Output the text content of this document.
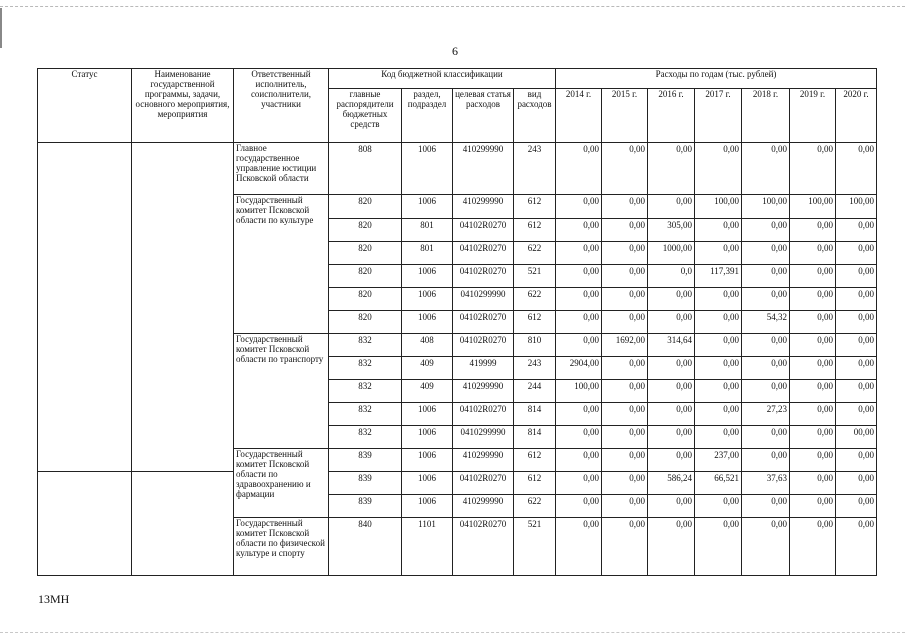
6
Статус	Наименование государственной программы, задачи, основного мероприятия, мероприятия	Ответственный исполнитель, соисполнители, участники	Код бюджетной классификации				Расходы по годам (тыс. рублей)						
			главные распорядители бюджетных средств	раздел, подраздел	целевая статья расходов	вид расходов	2014 г.	2015 г.	2016 г.	2017 г.	2018 г.	2019 г.	2020 г.
		Главное государственное управление юстиции Псковской области	808	1006	410299990	243	0,00	0,00	0,00	0,00	0,00	0,00	0,00
		Государственный комитет Псковской области по культуре	820	1006	410299990	612	0,00	0,00	0,00	100,00	100,00	100,00	100,00
			820	801	04102R0270	612	0,00	0,00	305,00	0,00	0,00	0,00	0,00
			820	801	04102R0270	622	0,00	0,00	1000,00	0,00	0,00	0,00	0,00
			820	1006	04102R0270	521	0,00	0,00	0,0	117,391	0,00	0,00	0,00
			820	1006	0410299990	622	0,00	0,00	0,00	0,00	0,00	0,00	0,00
			820	1006	04102R0270	612	0,00	0,00	0,00	0,00	54,32	0,00	0,00
		Государственный комитет Псковской области по транспорту	832	408	04102R0270	810	0,00	1692,00	314,64	0,00	0,00	0,00	0,00
			832	409	419999	243	2904,00	0,00	0,00	0,00	0,00	0,00	0,00
			832	409	410299990	244	100,00	0,00	0,00	0,00	0,00	0,00	0,00
			832	1006	04102R0270	814	0,00	0,00	0,00	0,00	27,23	0,00	0,00
			832	1006	0410299990	814	0,00	0,00	0,00	0,00	0,00	0,00	00,00
		Государственный комитет Псковской области по здравоохранению и фармации	839	1006	410299990	612	0,00	0,00	0,00	237,00	0,00	0,00	0,00
			839	1006	04102R0270	612	0,00	0,00	586,24	66,521	37,63	0,00	0,00
			839	1006	410299990	622	0,00	0,00	0,00	0,00	0,00	0,00	0,00
		Государственный комитет Псковской области по физической культуре и спорту	840	1101	04102R0270	521	0,00	0,00	0,00	0,00	0,00	0,00	0,00
13МН
